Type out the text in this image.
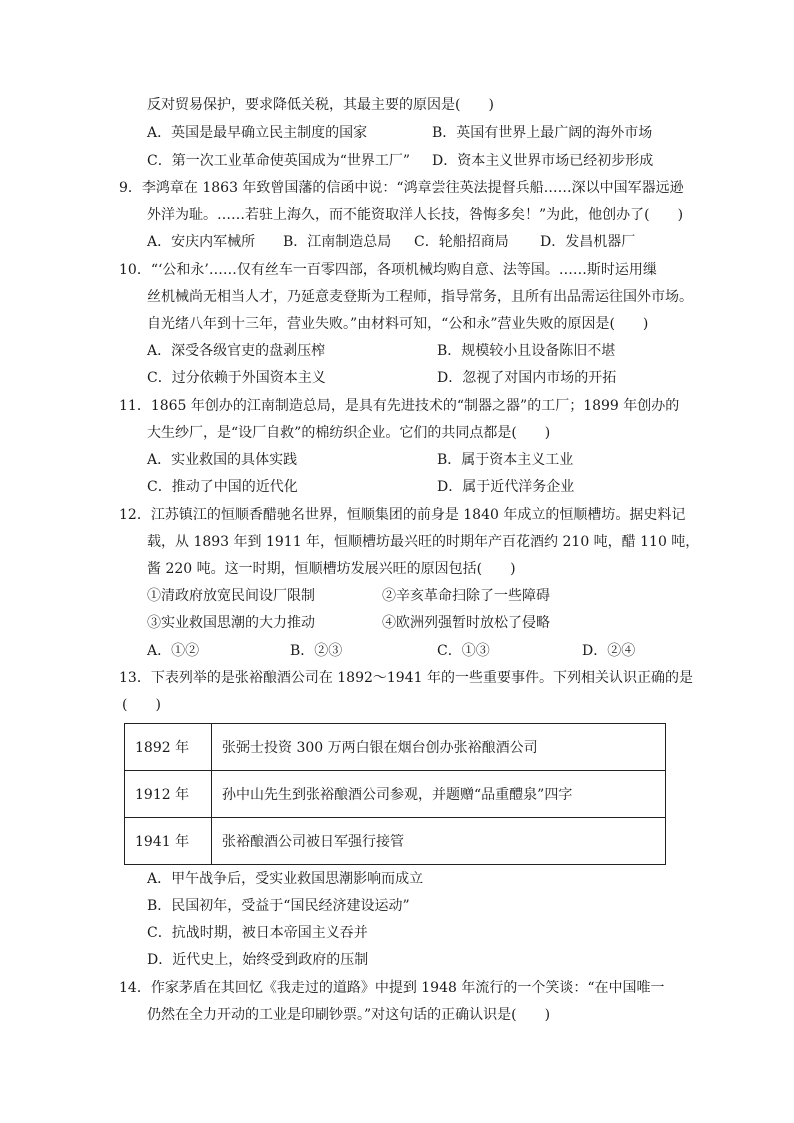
反对贸易保护，要求降低关税，其最主要的原因是(　　)
A．英国是最早确立民主制度的国家	B．英国有世界上最广阔的海外市场
C．第一次工业革命使英国成为“世界工厂” D．资本主义世界市场已经初步形成
9．李鸿章在 1863 年致曾国藩的信函中说：“鸿章尝往英法提督兵船……深以中国军器远逊
外洋为耻。……若驻上海久，而不能资取洋人长技，咎悔多矣！”为此，他创办了(　　)
A．安庆内军械所 B．江南制造总局 C．轮船招商局 D．发昌机器厂
10．“‘公和永’……仅有丝车一百零四部，各项机械均购自意、法等国。……斯时运用缫
丝机械尚无相当人才，乃延意麦登斯为工程师，指导常务，且所有出品需运往国外市场。
自光绪八年到十三年，营业失败。”由材料可知，“公和永”营业失败的原因是(　　)
A．深受各级官吏的盘剥压榨	B．规模较小且设备陈旧不堪
C．过分依赖于外国资本主义	D．忽视了对国内市场的开拓
11．1865 年创办的江南制造总局，是具有先进技术的“制器之器”的工厂；1899 年创办的
大生纱厂，是“设厂自救”的棉纺织企业。它们的共同点都是(　　)
A．实业救国的具体实践	B．属于资本主义工业
C．推动了中国的近代化	D．属于近代洋务企业
12．江苏镇江的恒顺香醋驰名世界，恒顺集团的前身是 1840 年成立的恒顺槽坊。据史料记
载，从 1893 年到 1911 年，恒顺槽坊最兴旺的时期年产百花酒约 210 吨，醋 110 吨，
酱 220 吨。这一时期，恒顺槽坊发展兴旺的原因包括(　　)
①清政府放宽民间设厂限制	②辛亥革命扫除了一些障碍
③实业救国思潮的大力推动	④欧洲列强暂时放松了侵略
A．①②	B．②③	C．①③	D．②④
13．下表列举的是张裕酿酒公司在 1892～1941 年的一些重要事件。下列相关认识正确的是
(　　)
1892 年	张弼士投资 300 万两白银在烟台创办张裕酿酒公司
1912 年	孙中山先生到张裕酿酒公司参观，并题赠“品重醴泉”四字
1941 年	张裕酿酒公司被日军强行接管
A．甲午战争后，受实业救国思潮影响而成立
B．民国初年，受益于“国民经济建设运动”
C．抗战时期，被日本帝国主义吞并
D．近代史上，始终受到政府的压制
14．作家茅盾在其回忆《我走过的道路》中提到 1948 年流行的一个笑谈：“在中国唯一
仍然在全力开动的工业是印刷钞票。”对这句话的正确认识是(　　)
